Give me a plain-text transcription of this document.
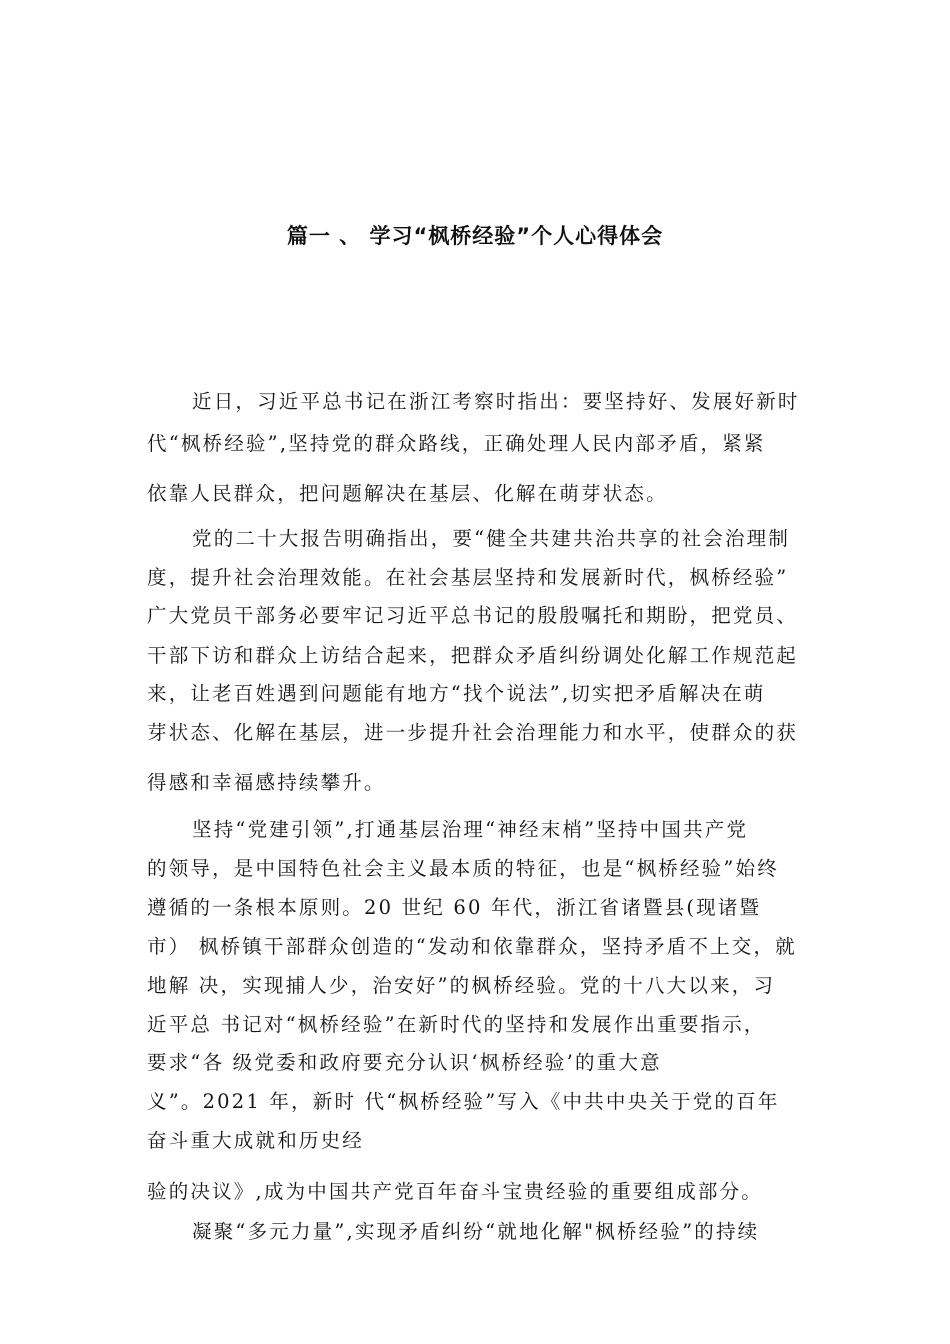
篇一 、 学习“枫桥经验”个人心得体会
近日，习近平总书记在浙江考察时指出：要坚持好、发展好新时
代“枫桥经验”,坚持党的群众路线，正确处理人民内部矛盾，紧紧
依靠人民群众，把问题解决在基层、化解在萌芽状态。
党的二十大报告明确指出，要“健全共建共治共享的社会治理制
度，提升社会治理效能。在社会基层坚持和发展新时代，枫桥经验”
广大党员干部务必要牢记习近平总书记的殷殷嘱托和期盼，把党员、
干部下访和群众上访结合起来，把群众矛盾纠纷调处化解工作规范起
来，让老百姓遇到问题能有地方“找个说法”,切实把矛盾解决在萌
芽状态、化解在基层，进一步提升社会治理能力和水平，使群众的获
得感和幸福感持续攀升。
坚持“党建引领”,打通基层治理“神经末梢”坚持中国共产党
的领导，是中国特色社会主义最本质的特征，也是“枫桥经验”始终
遵循的一条根本原则。20 世纪 60 年代，浙江省诸暨县(现诸暨
市） 枫桥镇干部群众创造的“发动和依靠群众，坚持矛盾不上交，就
地解 决，实现捕人少，治安好”的枫桥经验。党的十八大以来，习
近平总 书记对“枫桥经验”在新时代的坚持和发展作出重要指示，
要求“各 级党委和政府要充分认识‘枫桥经验’的重大意
义”。2021 年，新时 代“枫桥经验”写入《中共中央关于党的百年
奋斗重大成就和历史经
验的决议》,成为中国共产党百年奋斗宝贵经验的重要组成部分。
凝聚“多元力量”,实现矛盾纠纷“就地化解"枫桥经验”的持续
